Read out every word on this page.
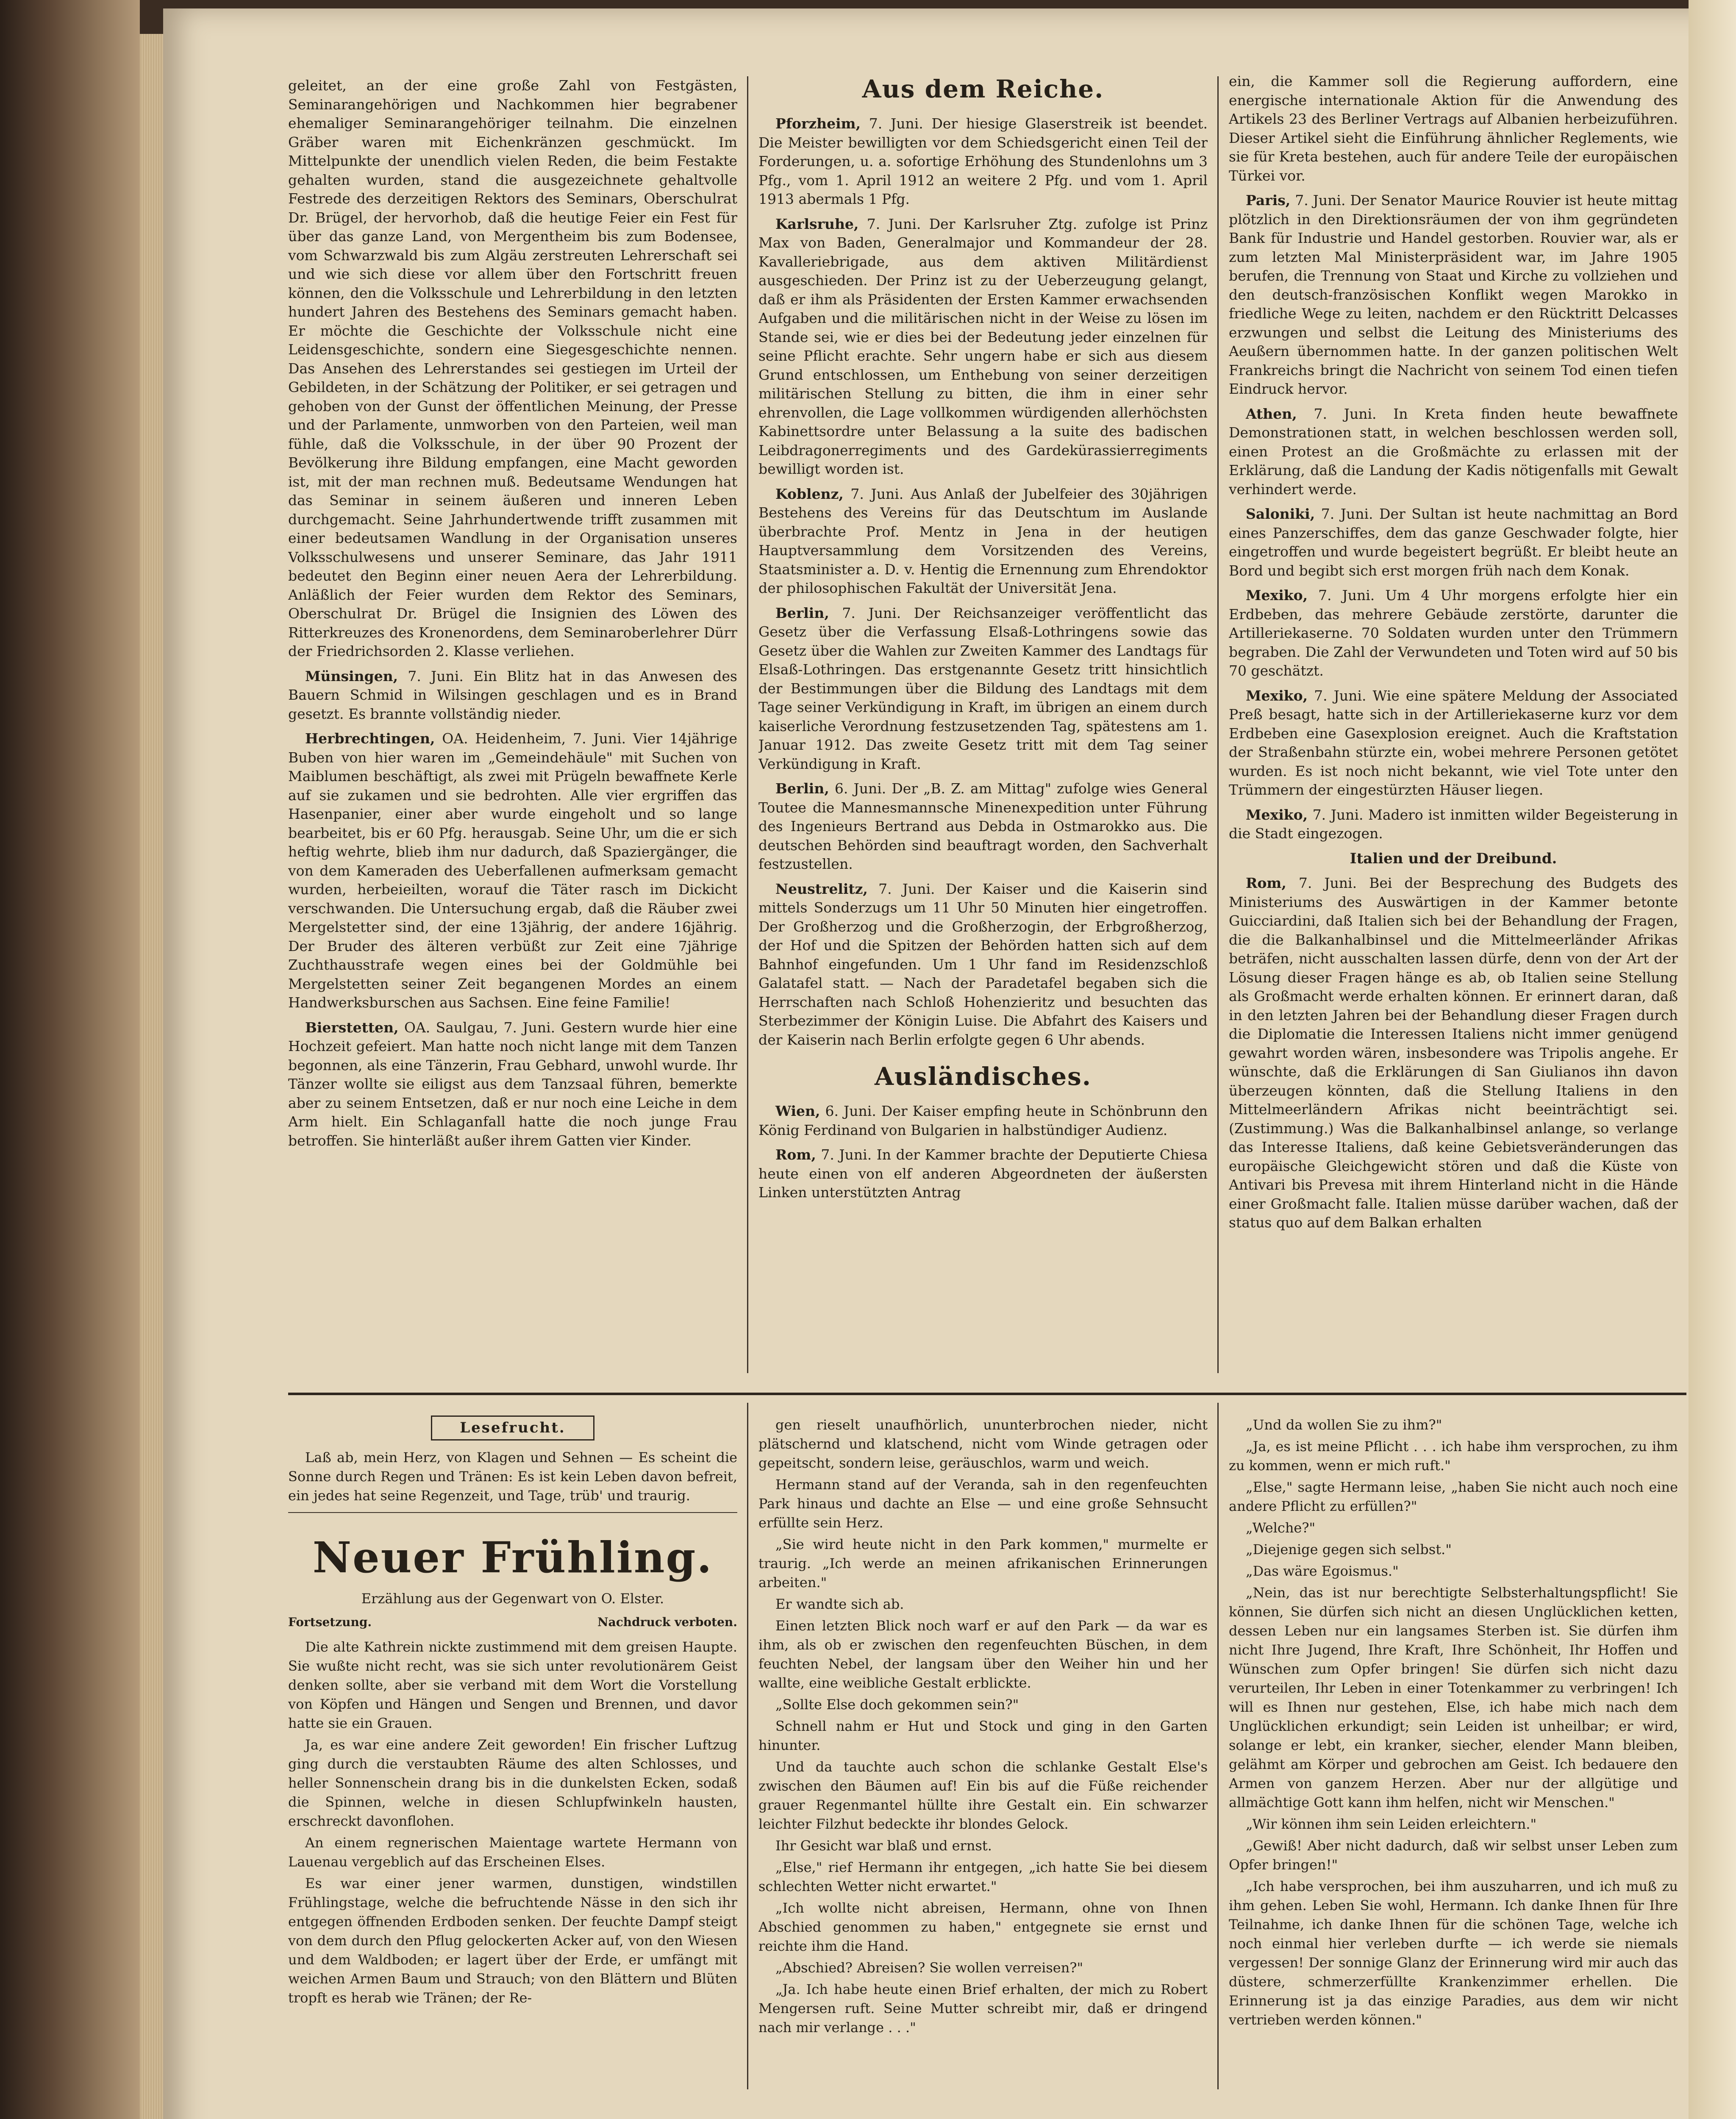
geleitet, an der eine große Zahl von Festgästen, Seminarangehörigen und Nachkommen hier begrabener ehemaliger Seminarangehöriger teilnahm. Die einzelnen Gräber waren mit Eichenkränzen geschmückt. Im Mittelpunkte der unendlich vielen Reden, die beim Festakte gehalten wurden, stand die ausgezeichnete gehaltvolle Festrede des derzeitigen Rektors des Seminars, Oberschulrat Dr. Brügel, der hervorhob, daß die heutige Feier ein Fest für über das ganze Land, von Mergentheim bis zum Bodensee, vom Schwarzwald bis zum Algäu zerstreuten Lehrerschaft sei und wie sich diese vor allem über den Fortschritt freuen können, den die Volksschule und Lehrerbildung in den letzten hundert Jahren des Bestehens des Seminars gemacht haben. Er möchte die Geschichte der Volksschule nicht eine Leidensgeschichte, sondern eine Siegesgeschichte nennen. Das Ansehen des Lehrerstandes sei gestiegen im Urteil der Gebildeten, in der Schätzung der Politiker, er sei getragen und gehoben von der Gunst der öffentlichen Meinung, der Presse und der Parlamente, unmworben von den Parteien, weil man fühle, daß die Volksschule, in der über 90 Prozent der Bevölkerung ihre Bildung empfangen, eine Macht geworden ist, mit der man rechnen muß. Bedeutsame Wendungen hat das Seminar in seinem äußeren und inneren Leben durchgemacht. Seine Jahrhundertwende trifft zusammen mit einer bedeutsamen Wandlung in der Organisation unseres Volksschulwesens und unserer Seminare, das Jahr 1911 bedeutet den Beginn einer neuen Aera der Lehrerbildung. Anläßlich der Feier wurden dem Rektor des Seminars, Oberschulrat Dr. Brügel die Insignien des Löwen des Ritterkreuzes des Kronenordens, dem Seminaroberlehrer Dürr der Friedrichsorden 2. Klasse verliehen.

Münsingen, 7. Juni. Ein Blitz hat in das Anwesen des Bauern Schmid in Wilsingen geschlagen und es in Brand gesetzt. Es brannte vollständig nieder.

Herbrechtingen, OA. Heidenheim, 7. Juni. Vier 14jährige Buben von hier waren im „Gemeindehäule" mit Suchen von Maiblumen beschäftigt, als zwei mit Prügeln bewaffnete Kerle auf sie zukamen und sie bedrohten. Alle vier ergriffen das Hasenpanier, einer aber wurde eingeholt und so lange bearbeitet, bis er 60 Pfg. herausgab. Seine Uhr, um die er sich heftig wehrte, blieb ihm nur dadurch, daß Spaziergänger, die von dem Kameraden des Ueberfallenen aufmerksam gemacht wurden, herbeieilten, worauf die Täter rasch im Dickicht verschwanden. Die Untersuchung ergab, daß die Räuber zwei Mergelstetter sind, der eine 13jährig, der andere 16jährig. Der Bruder des älteren verbüßt zur Zeit eine 7jährige Zuchthausstrafe wegen eines bei der Goldmühle bei Mergelstetten seiner Zeit begangenen Mordes an einem Handwerksburschen aus Sachsen. Eine feine Familie!

Bierstetten, OA. Saulgau, 7. Juni. Gestern wurde hier eine Hochzeit gefeiert. Man hatte noch nicht lange mit dem Tanzen begonnen, als eine Tänzerin, Frau Gebhard, unwohl wurde. Ihr Tänzer wollte sie eiligst aus dem Tanzsaal führen, bemerkte aber zu seinem Entsetzen, daß er nur noch eine Leiche in dem Arm hielt. Ein Schlaganfall hatte die noch junge Frau betroffen. Sie hinterläßt außer ihrem Gatten vier Kinder.

Aus dem Reiche.

Pforzheim, 7. Juni. Der hiesige Glaserstreik ist beendet. Die Meister bewilligten vor dem Schiedsgericht einen Teil der Forderungen, u. a. sofortige Erhöhung des Stundenlohns um 3 Pfg., vom 1. April 1912 an weitere 2 Pfg. und vom 1. April 1913 abermals 1 Pfg.

Karlsruhe, 7. Juni. Der Karlsruher Ztg. zufolge ist Prinz Max von Baden, Generalmajor und Kommandeur der 28. Kavalleriebrigade, aus dem aktiven Militärdienst ausgeschieden. Der Prinz ist zu der Ueberzeugung gelangt, daß er ihm als Präsidenten der Ersten Kammer erwachsenden Aufgaben und die militärischen nicht in der Weise zu lösen im Stande sei, wie er dies bei der Bedeutung jeder einzelnen für seine Pflicht erachte. Sehr ungern habe er sich aus diesem Grund entschlossen, um Enthebung von seiner derzeitigen militärischen Stellung zu bitten, die ihm in einer sehr ehrenvollen, die Lage vollkommen würdigenden allerhöchsten Kabinettsordre unter Belassung a la suite des badischen Leibdragonerregiments und des Gardekürassierregiments bewilligt worden ist.

Koblenz, 7. Juni. Aus Anlaß der Jubelfeier des 30jährigen Bestehens des Vereins für das Deutschtum im Auslande überbrachte Prof. Mentz in Jena in der heutigen Hauptversammlung dem Vorsitzenden des Vereins, Staatsminister a. D. v. Hentig die Ernennung zum Ehrendoktor der philosophischen Fakultät der Universität Jena.

Berlin, 7. Juni. Der Reichsanzeiger veröffentlicht das Gesetz über die Verfassung Elsaß-Lothringens sowie das Gesetz über die Wahlen zur Zweiten Kammer des Landtags für Elsaß-Lothringen. Das erstgenannte Gesetz tritt hinsichtlich der Bestimmungen über die Bildung des Landtags mit dem Tage seiner Verkündigung in Kraft, im übrigen an einem durch kaiserliche Verordnung festzusetzenden Tag, spätestens am 1. Januar 1912. Das zweite Gesetz tritt mit dem Tag seiner Verkündigung in Kraft.

Berlin, 6. Juni. Der „B. Z. am Mittag" zufolge wies General Toutee die Mannesmannsche Minenexpedition unter Führung des Ingenieurs Bertrand aus Debda in Ostmarokko aus. Die deutschen Behörden sind beauftragt worden, den Sachverhalt festzustellen.

Neustrelitz, 7. Juni. Der Kaiser und die Kaiserin sind mittels Sonderzugs um 11 Uhr 50 Minuten hier eingetroffen. Der Großherzog und die Großherzogin, der Erbgroßherzog, der Hof und die Spitzen der Behörden hatten sich auf dem Bahnhof eingefunden. Um 1 Uhr fand im Residenzschloß Galatafel statt. — Nach der Paradetafel begaben sich die Herrschaften nach Schloß Hohenzieritz und besuchten das Sterbezimmer der Königin Luise. Die Abfahrt des Kaisers und der Kaiserin nach Berlin erfolgte gegen 6 Uhr abends.

Ausländisches.

Wien, 6. Juni. Der Kaiser empfing heute in Schönbrunn den König Ferdinand von Bulgarien in halbstündiger Audienz.

Rom, 7. Juni. In der Kammer brachte der Deputierte Chiesa heute einen von elf anderen Abgeordneten der äußersten Linken unterstützten Antrag

ein, die Kammer soll die Regierung auffordern, eine energische internationale Aktion für die Anwendung des Artikels 23 des Berliner Vertrags auf Albanien herbeizuführen. Dieser Artikel sieht die Einführung ähnlicher Reglements, wie sie für Kreta bestehen, auch für andere Teile der europäischen Türkei vor.

Paris, 7. Juni. Der Senator Maurice Rouvier ist heute mittag plötzlich in den Direktionsräumen der von ihm gegründeten Bank für Industrie und Handel gestorben. Rouvier war, als er zum letzten Mal Ministerpräsident war, im Jahre 1905 berufen, die Trennung von Staat und Kirche zu vollziehen und den deutsch-französischen Konflikt wegen Marokko in friedliche Wege zu leiten, nachdem er den Rücktritt Delcasses erzwungen und selbst die Leitung des Ministeriums des Aeußern übernommen hatte. In der ganzen politischen Welt Frankreichs bringt die Nachricht von seinem Tod einen tiefen Eindruck hervor.

Athen, 7. Juni. In Kreta finden heute bewaffnete Demonstrationen statt, in welchen beschlossen werden soll, einen Protest an die Großmächte zu erlassen mit der Erklärung, daß die Landung der Kadis nötigenfalls mit Gewalt verhindert werde.

Saloniki, 7. Juni. Der Sultan ist heute nachmittag an Bord eines Panzerschiffes, dem das ganze Geschwader folgte, hier eingetroffen und wurde begeistert begrüßt. Er bleibt heute an Bord und begibt sich erst morgen früh nach dem Konak.

Mexiko, 7. Juni. Um 4 Uhr morgens erfolgte hier ein Erdbeben, das mehrere Gebäude zerstörte, darunter die Artilleriekaserne. 70 Soldaten wurden unter den Trümmern begraben. Die Zahl der Verwundeten und Toten wird auf 50 bis 70 geschätzt.

Mexiko, 7. Juni. Wie eine spätere Meldung der Associated Preß besagt, hatte sich in der Artilleriekaserne kurz vor dem Erdbeben eine Gasexplosion ereignet. Auch die Kraftstation der Straßenbahn stürzte ein, wobei mehrere Personen getötet wurden. Es ist noch nicht bekannt, wie viel Tote unter den Trümmern der eingestürzten Häuser liegen.

Mexiko, 7. Juni. Madero ist inmitten wilder Begeisterung in die Stadt eingezogen.

Italien und der Dreibund.

Rom, 7. Juni. Bei der Besprechung des Budgets des Ministeriums des Auswärtigen in der Kammer betonte Guicciardini, daß Italien sich bei der Behandlung der Fragen, die die Balkanhalbinsel und die Mittelmeerländer Afrikas beträfen, nicht ausschalten lassen dürfe, denn von der Art der Lösung dieser Fragen hänge es ab, ob Italien seine Stellung als Großmacht werde erhalten können. Er erinnert daran, daß in den letzten Jahren bei der Behandlung dieser Fragen durch die Diplomatie die Interessen Italiens nicht immer genügend gewahrt worden wären, insbesondere was Tripolis angehe. Er wünschte, daß die Erklärungen di San Giulianos ihn davon überzeugen könnten, daß die Stellung Italiens in den Mittelmeerländern Afrikas nicht beeinträchtigt sei. (Zustimmung.) Was die Balkanhalbinsel anlange, so verlange das Interesse Italiens, daß keine Gebietsveränderungen das europäische Gleichgewicht stören und daß die Küste von Antivari bis Prevesa mit ihrem Hinterland nicht in die Hände einer Großmacht falle. Italien müsse darüber wachen, daß der status quo auf dem Balkan erhalten

Lesefrucht.

Laß ab, mein Herz, von Klagen und Sehnen — Es scheint die Sonne durch Regen und Tränen: Es ist kein Leben davon befreit, ein jedes hat seine Regenzeit, und Tage, trüb' und traurig.

Neuer Frühling.
Erzählung aus der Gegenwart von O. Elster.
Fortsetzung.	Nachdruck verboten.

Die alte Kathrein nickte zustimmend mit dem greisen Haupte. Sie wußte nicht recht, was sie sich unter revolutionärem Geist denken sollte, aber sie verband mit dem Wort die Vorstellung von Köpfen und Hängen und Sengen und Brennen, und davor hatte sie ein Grauen.

Ja, es war eine andere Zeit geworden! Ein frischer Luftzug ging durch die verstaubten Räume des alten Schlosses, und heller Sonnenschein drang bis in die dunkelsten Ecken, sodaß die Spinnen, welche in diesen Schlupfwinkeln hausten, erschreckt davonflohen.

An einem regnerischen Maientage wartete Hermann von Lauenau vergeblich auf das Erscheinen Elses.

Es war einer jener warmen, dunstigen, windstillen Frühlingstage, welche die befruchtende Nässe in den sich ihr entgegen öffnenden Erdboden senken. Der feuchte Dampf steigt von dem durch den Pflug gelockerten Acker auf, von den Wiesen und dem Waldboden; er lagert über der Erde, er umfängt mit weichen Armen Baum und Strauch; von den Blättern und Blüten tropft es herab wie Tränen; der Re-

gen rieselt unaufhörlich, ununterbrochen nieder, nicht plätschernd und klatschend, nicht vom Winde getragen oder gepeitscht, sondern leise, geräuschlos, warm und weich.

Hermann stand auf der Veranda, sah in den regenfeuchten Park hinaus und dachte an Else — und eine große Sehnsucht erfüllte sein Herz.

„Sie wird heute nicht in den Park kommen," murmelte er traurig. „Ich werde an meinen afrikanischen Erinnerungen arbeiten."

Er wandte sich ab.

Einen letzten Blick noch warf er auf den Park — da war es ihm, als ob er zwischen den regenfeuchten Büschen, in dem feuchten Nebel, der langsam über den Weiher hin und her wallte, eine weibliche Gestalt erblickte.

„Sollte Else doch gekommen sein?"

Schnell nahm er Hut und Stock und ging in den Garten hinunter.

Und da tauchte auch schon die schlanke Gestalt Else's zwischen den Bäumen auf! Ein bis auf die Füße reichender grauer Regenmantel hüllte ihre Gestalt ein. Ein schwarzer leichter Filzhut bedeckte ihr blondes Gelock.

Ihr Gesicht war blaß und ernst.

„Else," rief Hermann ihr entgegen, „ich hatte Sie bei diesem schlechten Wetter nicht erwartet."

„Ich wollte nicht abreisen, Hermann, ohne von Ihnen Abschied genommen zu haben," entgegnete sie ernst und reichte ihm die Hand.

„Abschied? Abreisen? Sie wollen verreisen?"

„Ja. Ich habe heute einen Brief erhalten, der mich zu Robert Mengersen ruft. Seine Mutter schreibt mir, daß er dringend nach mir verlange . . ."

„Und da wollen Sie zu ihm?"

„Ja, es ist meine Pflicht . . . ich habe ihm versprochen, zu ihm zu kommen, wenn er mich ruft."

„Else," sagte Hermann leise, „haben Sie nicht auch noch eine andere Pflicht zu erfüllen?"

„Welche?"

„Diejenige gegen sich selbst."

„Das wäre Egoismus."

„Nein, das ist nur berechtigte Selbsterhaltungspflicht! Sie können, Sie dürfen sich nicht an diesen Unglücklichen ketten, dessen Leben nur ein langsames Sterben ist. Sie dürfen ihm nicht Ihre Jugend, Ihre Kraft, Ihre Schönheit, Ihr Hoffen und Wünschen zum Opfer bringen! Sie dürfen sich nicht dazu verurteilen, Ihr Leben in einer Totenkammer zu verbringen! Ich will es Ihnen nur gestehen, Else, ich habe mich nach dem Unglücklichen erkundigt; sein Leiden ist unheilbar; er wird, solange er lebt, ein kranker, siecher, elender Mann bleiben, gelähmt am Körper und gebrochen am Geist. Ich bedauere den Armen von ganzem Herzen. Aber nur der allgütige und allmächtige Gott kann ihm helfen, nicht wir Menschen."

„Wir können ihm sein Leiden erleichtern."

„Gewiß! Aber nicht dadurch, daß wir selbst unser Leben zum Opfer bringen!"

„Ich habe versprochen, bei ihm auszuharren, und ich muß zu ihm gehen. Leben Sie wohl, Hermann. Ich danke Ihnen für Ihre Teilnahme, ich danke Ihnen für die schönen Tage, welche ich noch einmal hier verleben durfte — ich werde sie niemals vergessen! Der sonnige Glanz der Erinnerung wird mir auch das düstere, schmerzerfüllte Krankenzimmer erhellen. Die Erinnerung ist ja das einzige Paradies, aus dem wir nicht vertrieben werden können."
